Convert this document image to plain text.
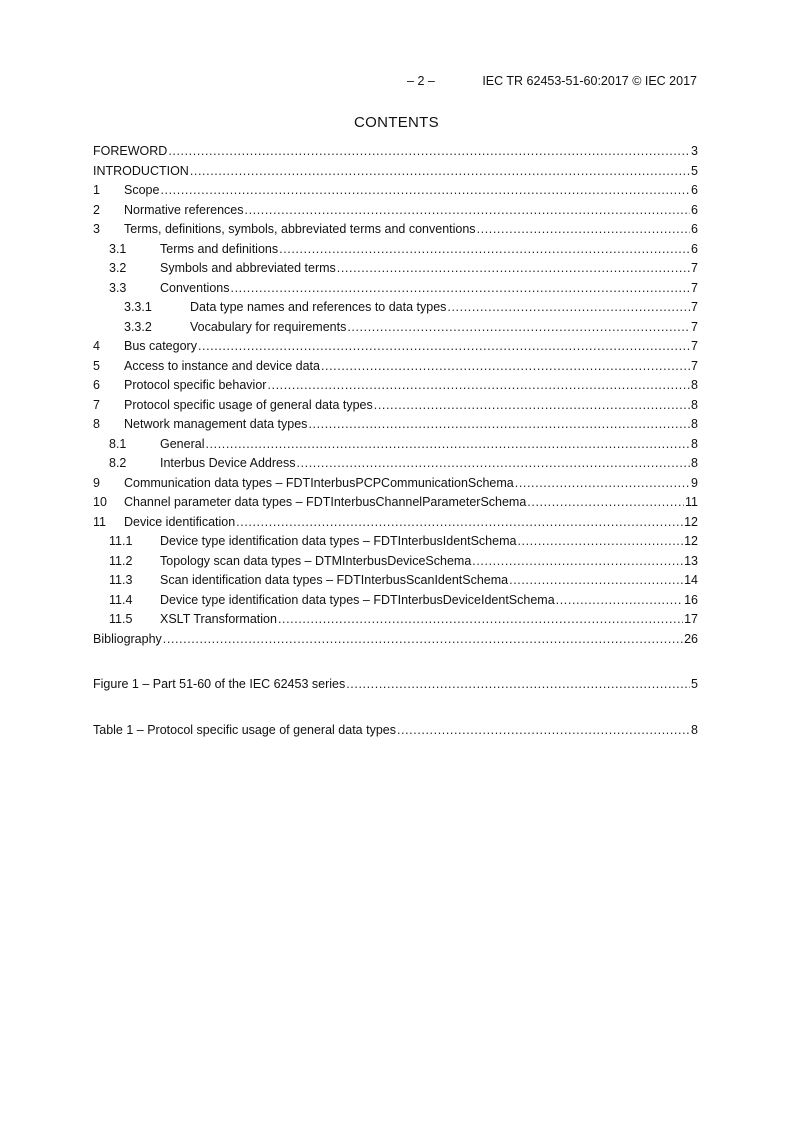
– 2 –	IEC TR 62453-51-60:2017 © IEC 2017
CONTENTS
FOREWORD .....	3
INTRODUCTION .....	5
1	Scope .....	6
2	Normative references .....	6
3	Terms, definitions, symbols, abbreviated terms and conventions .....	6
3.1	Terms and definitions .....	6
3.2	Symbols and abbreviated terms .....	7
3.3	Conventions .....	7
3.3.1	Data type names and references to data types .....	7
3.3.2	Vocabulary for requirements .....	7
4	Bus category .....	7
5	Access to instance and device data .....	7
6	Protocol specific behavior .....	8
7	Protocol specific usage of general data types .....	8
8	Network management data types .....	8
8.1	General .....	8
8.2	Interbus Device Address .....	8
9	Communication data types – FDTInterbusPCPCommunicationSchema .....	9
10	Channel parameter data types – FDTInterbusChannelParameterSchema .....	11
11	Device identification .....	12
11.1	Device type identification data types – FDTInterbusIdentSchema .....	12
11.2	Topology scan data types – DTMInterbusDeviceSchema .....	13
11.3	Scan identification data types – FDTInterbusScanIdentSchema .....	14
11.4	Device type identification data types – FDTInterbusDeviceIdentSchema .....	16
11.5	XSLT Transformation .....	17
Bibliography .....	26
Figure 1 – Part 51-60 of the IEC 62453 series .....	5
Table 1 – Protocol specific usage of general data types .....	8
